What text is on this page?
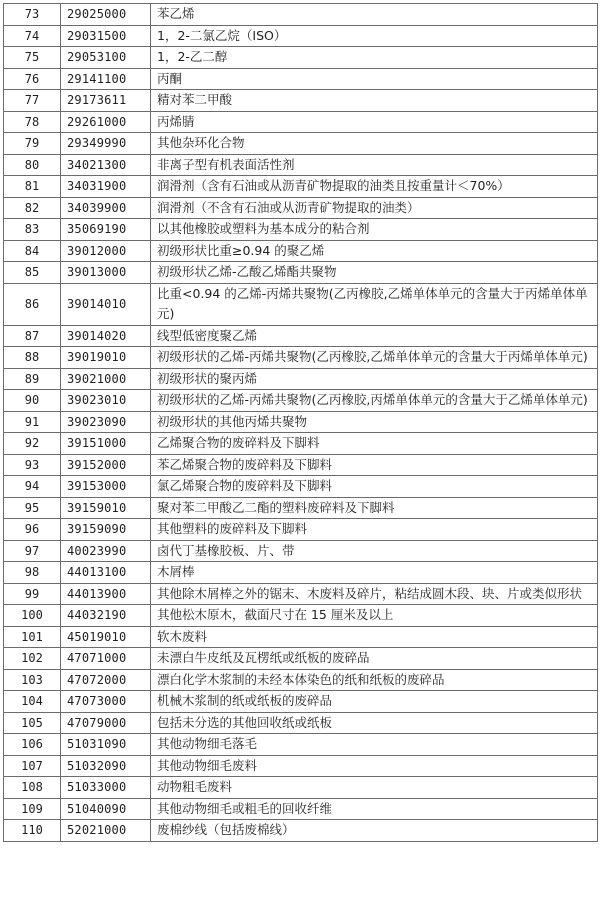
73	29025000	苯乙烯
74	29031500	1，2-二氯乙烷（ISO）
75	29053100	1，2-乙二醇
76	29141100	丙酮
77	29173611	精对苯二甲酸
78	29261000	丙烯腈
79	29349990	其他杂环化合物
80	34021300	非离子型有机表面活性剂
81	34031900	润滑剂（含有石油或从沥青矿物提取的油类且按重量计＜70%）
82	34039900	润滑剂（不含有石油或从沥青矿物提取的油类）
83	35069190	以其他橡胶或塑料为基本成分的粘合剂
84	39012000	初级形状比重≥0.94 的聚乙烯
85	39013000	初级形状乙烯-乙酸乙烯酯共聚物
86	39014010	比重<0.94 的乙烯-丙烯共聚物(乙丙橡胶,乙烯单体单元的含量大于丙烯单体单元)
87	39014020	线型低密度聚乙烯
88	39019010	初级形状的乙烯-丙烯共聚物(乙丙橡胶,乙烯单体单元的含量大于丙烯单体单元)
89	39021000	初级形状的聚丙烯
90	39023010	初级形状的乙烯-丙烯共聚物(乙丙橡胶,丙烯单体单元的含量大于乙烯单体单元)
91	39023090	初级形状的其他丙烯共聚物
92	39151000	乙烯聚合物的废碎料及下脚料
93	39152000	苯乙烯聚合物的废碎料及下脚料
94	39153000	氯乙烯聚合物的废碎料及下脚料
95	39159010	聚对苯二甲酸乙二酯的塑料废碎料及下脚料
96	39159090	其他塑料的废碎料及下脚料
97	40023990	卤代丁基橡胶板、片、带
98	44013100	木屑棒
99	44013900	其他除木屑棒之外的锯末、木废料及碎片，粘结成圆木段、块、片或类似形状
100	44032190	其他松木原木，截面尺寸在 15 厘米及以上
101	45019010	软木废料
102	47071000	未漂白牛皮纸及瓦楞纸或纸板的废碎品
103	47072000	漂白化学木浆制的未经本体染色的纸和纸板的废碎品
104	47073000	机械木浆制的纸或纸板的废碎品
105	47079000	包括未分选的其他回收纸或纸板
106	51031090	其他动物细毛落毛
107	51032090	其他动物细毛废料
108	51033000	动物粗毛废料
109	51040090	其他动物细毛或粗毛的回收纤维
110	52021000	废棉纱线（包括废棉线）
